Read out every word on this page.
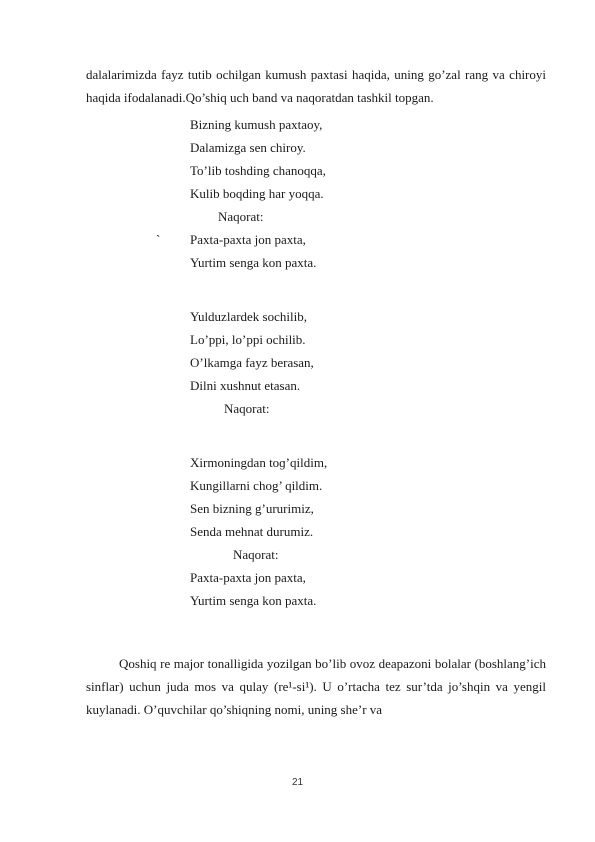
dalalarimizda fayz tutib ochilgan kumush paxtasi haqida, uning go’zal rang va chiroyi haqida ifodalanadi.Qo’shiq uch band va naqoratdan tashkil topgan.

Bizning kumush paxtaoy,
Dalamizga sen chiroy.
To’lib toshding chanoqqa,
Kulib boqding har yoqqa.
Naqorat:
` Paxta-paxta jon paxta,
Yurtim senga kon paxta.
Yulduzlardek sochilib,
Lo’ppi, lo’ppi ochilib.
O’lkamga fayz berasan,
Dilni xushnut etasan.
Naqorat:
Xirmoningdan toɡ’qildim,
Kungillarni chog’ qildim.
Sen bizning g’ururimiz,
Senda mehnat durumiz.
Naqorat:
Paxta-paxta jon paxta,
Yurtim senga kon paxta.

Qoshiq re major tonalligida yozilgan bo’lib ovoz deapazoni bolalar (boshlang’ich sinflar) uchun juda mos va qulay (re¹-si¹). U o’rtacha tez sur’tda jo’shqin va yengil kuylanadi. O’quvchilar qo’shiqning nomi, uning she’r va

21
